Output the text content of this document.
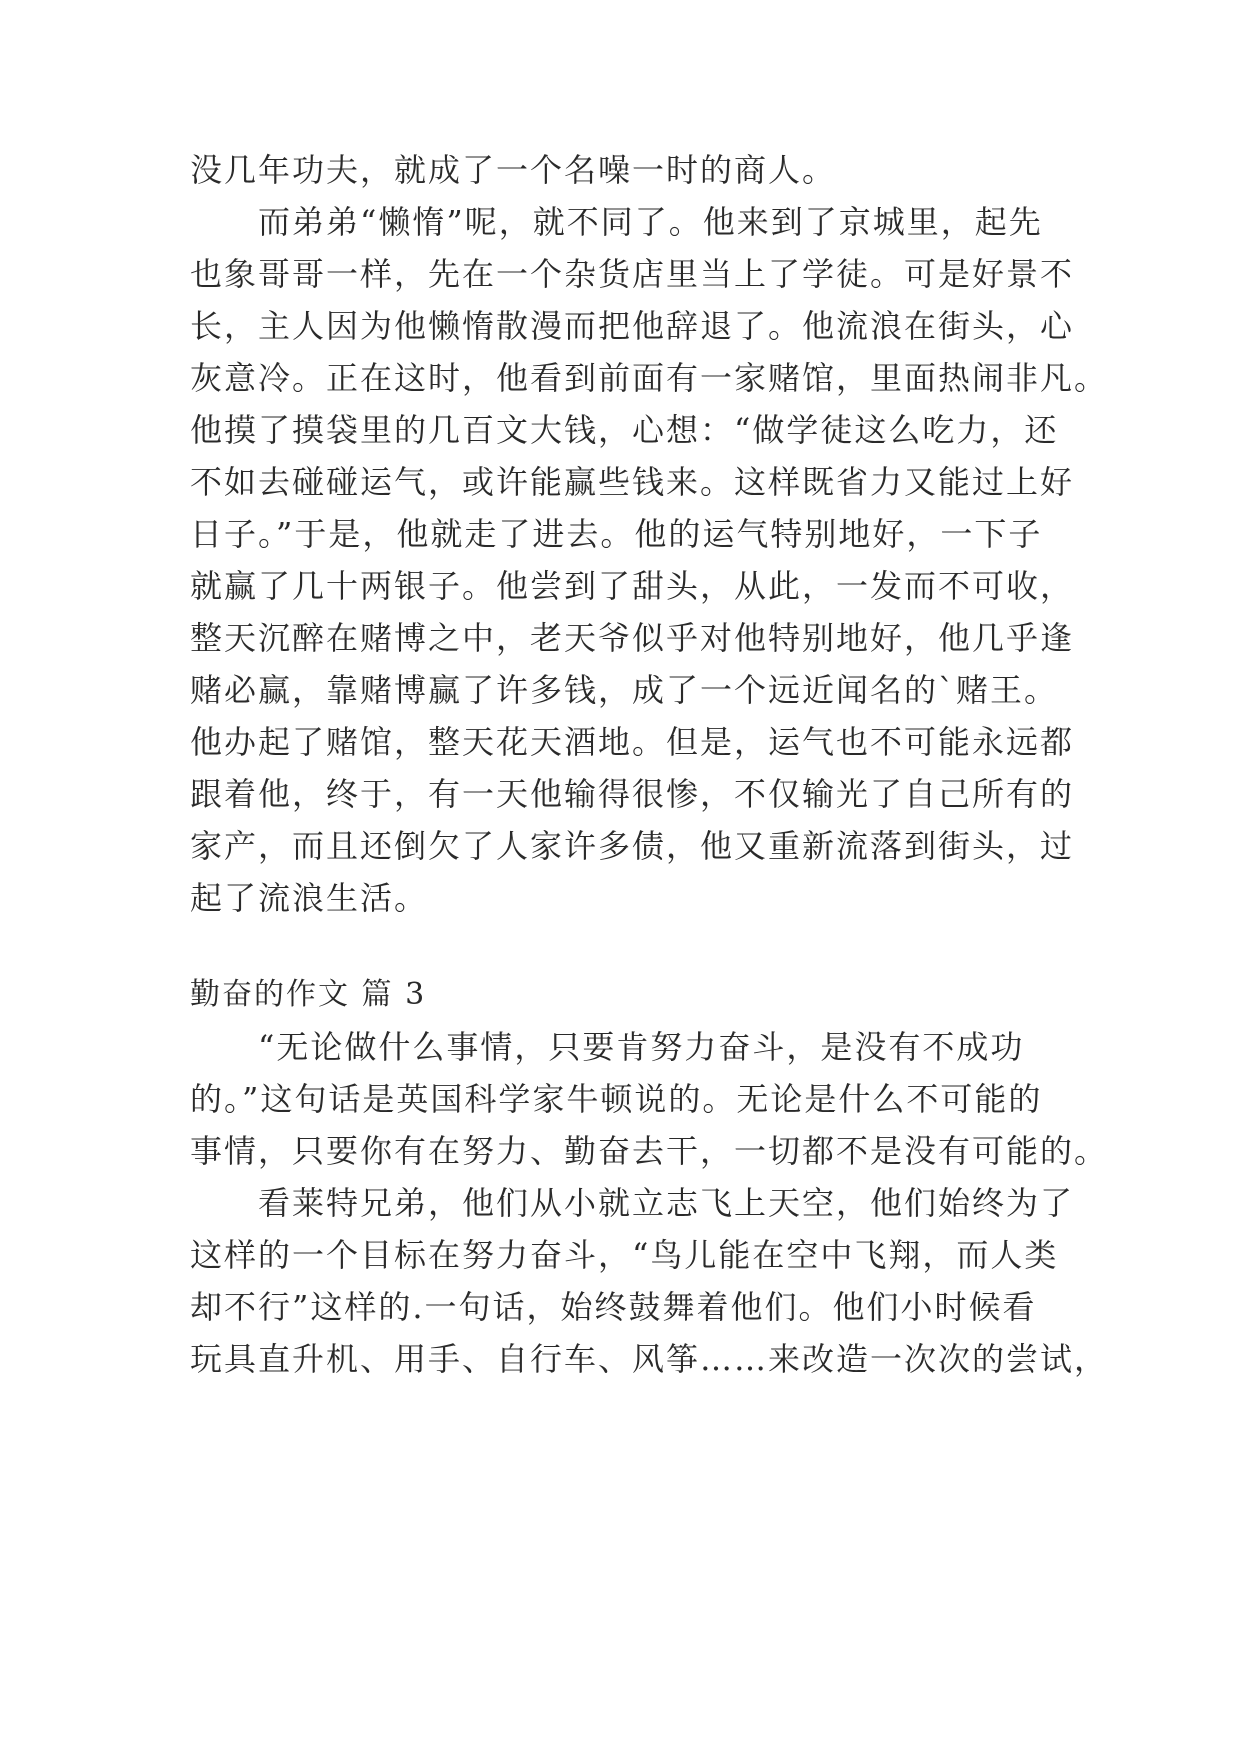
没几年功夫，就成了一个名噪一时的商人。
　　而弟弟“懒惰”呢，就不同了。他来到了京城里，起先
也象哥哥一样，先在一个杂货店里当上了学徒。可是好景不
长，主人因为他懒惰散漫而把他辞退了。他流浪在街头，心
灰意冷。正在这时，他看到前面有一家赌馆，里面热闹非凡。
他摸了摸袋里的几百文大钱，心想：“做学徒这么吃力，还
不如去碰碰运气，或许能赢些钱来。这样既省力又能过上好
日子。”于是，他就走了进去。他的运气特别地好，一下子
就赢了几十两银子。他尝到了甜头，从此，一发而不可收，
整天沉醉在赌博之中，老天爷似乎对他特别地好，他几乎逢
赌必赢，靠赌博赢了许多钱，成了一个远近闻名的`赌王。
他办起了赌馆，整天花天酒地。但是，运气也不可能永远都
跟着他，终于，有一天他输得很惨，不仅输光了自己所有的
家产，而且还倒欠了人家许多债，他又重新流落到街头，过
起了流浪生活。
勤奋的作文 篇 3
　　“无论做什么事情，只要肯努力奋斗，是没有不成功
的。”这句话是英国科学家牛顿说的。无论是什么不可能的
事情，只要你有在努力、勤奋去干，一切都不是没有可能的。
　　看莱特兄弟，他们从小就立志飞上天空，他们始终为了
这样的一个目标在努力奋斗，“鸟儿能在空中飞翔，而人类
却不行”这样的.一句话，始终鼓舞着他们。他们小时候看
玩具直升机、用手、自行车、风筝……来改造一次次的尝试，
